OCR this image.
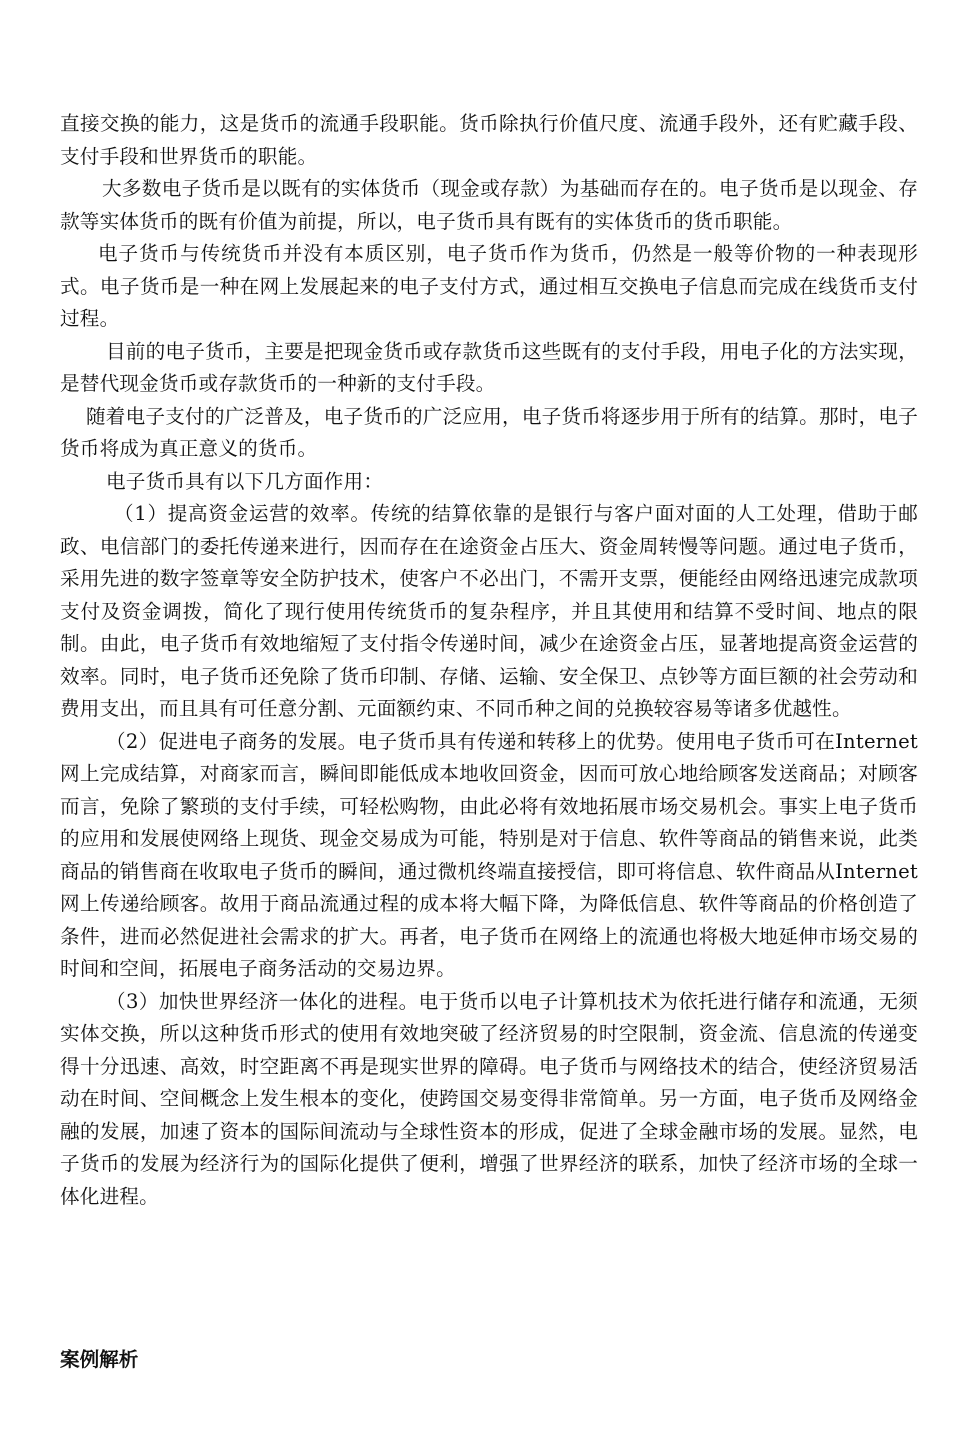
直接交换的能力，这是货币的流通手段职能。货币除执行价值尺度、流通手段外，还有贮藏手段、支付手段和世界货币的职能。

大多数电子货币是以既有的实体货币（现金或存款）为基础而存在的。电子货币是以现金、存款等实体货币的既有价值为前提，所以，电子货币具有既有的实体货币的货币职能。

电子货币与传统货币并没有本质区别，电子货币作为货币，仍然是一般等价物的一种表现形式。电子货币是一种在网上发展起来的电子支付方式，通过相互交换电子信息而完成在线货币支付过程。

目前的电子货币，主要是把现金货币或存款货币这些既有的支付手段，用电子化的方法实现，是替代现金货币或存款货币的一种新的支付手段。

随着电子支付的广泛普及，电子货币的广泛应用，电子货币将逐步用于所有的结算。那时，电子货币将成为真正意义的货币。

电子货币具有以下几方面作用：

（1）提高资金运营的效率。传统的结算依靠的是银行与客户面对面的人工处理，借助于邮政、电信部门的委托传递来进行，因而存在在途资金占压大、资金周转慢等问题。通过电子货币，采用先进的数字签章等安全防护技术，使客户不必出门，不需开支票，便能经由网络迅速完成款项支付及资金调拨，简化了现行使用传统货币的复杂程序，并且其使用和结算不受时间、地点的限制。由此，电子货币有效地缩短了支付指令传递时间，减少在途资金占压，显著地提高资金运营的效率。同时，电子货币还免除了货币印制、存储、运输、安全保卫、点钞等方面巨额的社会劳动和费用支出，而且具有可任意分割、元面额约束、不同币种之间的兑换较容易等诸多优越性。

（2）促进电子商务的发展。电子货币具有传递和转移上的优势。使用电子货币可在Internet网上完成结算，对商家而言，瞬间即能低成本地收回资金，因而可放心地给顾客发送商品；对顾客而言，免除了繁琐的支付手续，可轻松购物，由此必将有效地拓展市场交易机会。事实上电子货币的应用和发展使网络上现货、现金交易成为可能，特别是对于信息、软件等商品的销售来说，此类商品的销售商在收取电子货币的瞬间，通过微机终端直接授信，即可将信息、软件商品从Internet网上传递给顾客。故用于商品流通过程的成本将大幅下降，为降低信息、软件等商品的价格创造了条件，进而必然促进社会需求的扩大。再者，电子货币在网络上的流通也将极大地延伸市场交易的时间和空间，拓展电子商务活动的交易边界。

（3）加快世界经济一体化的进程。电于货币以电子计算机技术为依托进行储存和流通，无须实体交换，所以这种货币形式的使用有效地突破了经济贸易的时空限制，资金流、信息流的传递变得十分迅速、高效，时空距离不再是现实世界的障碍。电子货币与网络技术的结合，使经济贸易活动在时间、空间概念上发生根本的变化，使跨国交易变得非常简单。另一方面，电子货币及网络金融的发展，加速了资本的国际间流动与全球性资本的形成，促进了全球金融市场的发展。显然，电子货币的发展为经济行为的国际化提供了便利，增强了世界经济的联系，加快了经济市场的全球一体化进程。

案例解析
